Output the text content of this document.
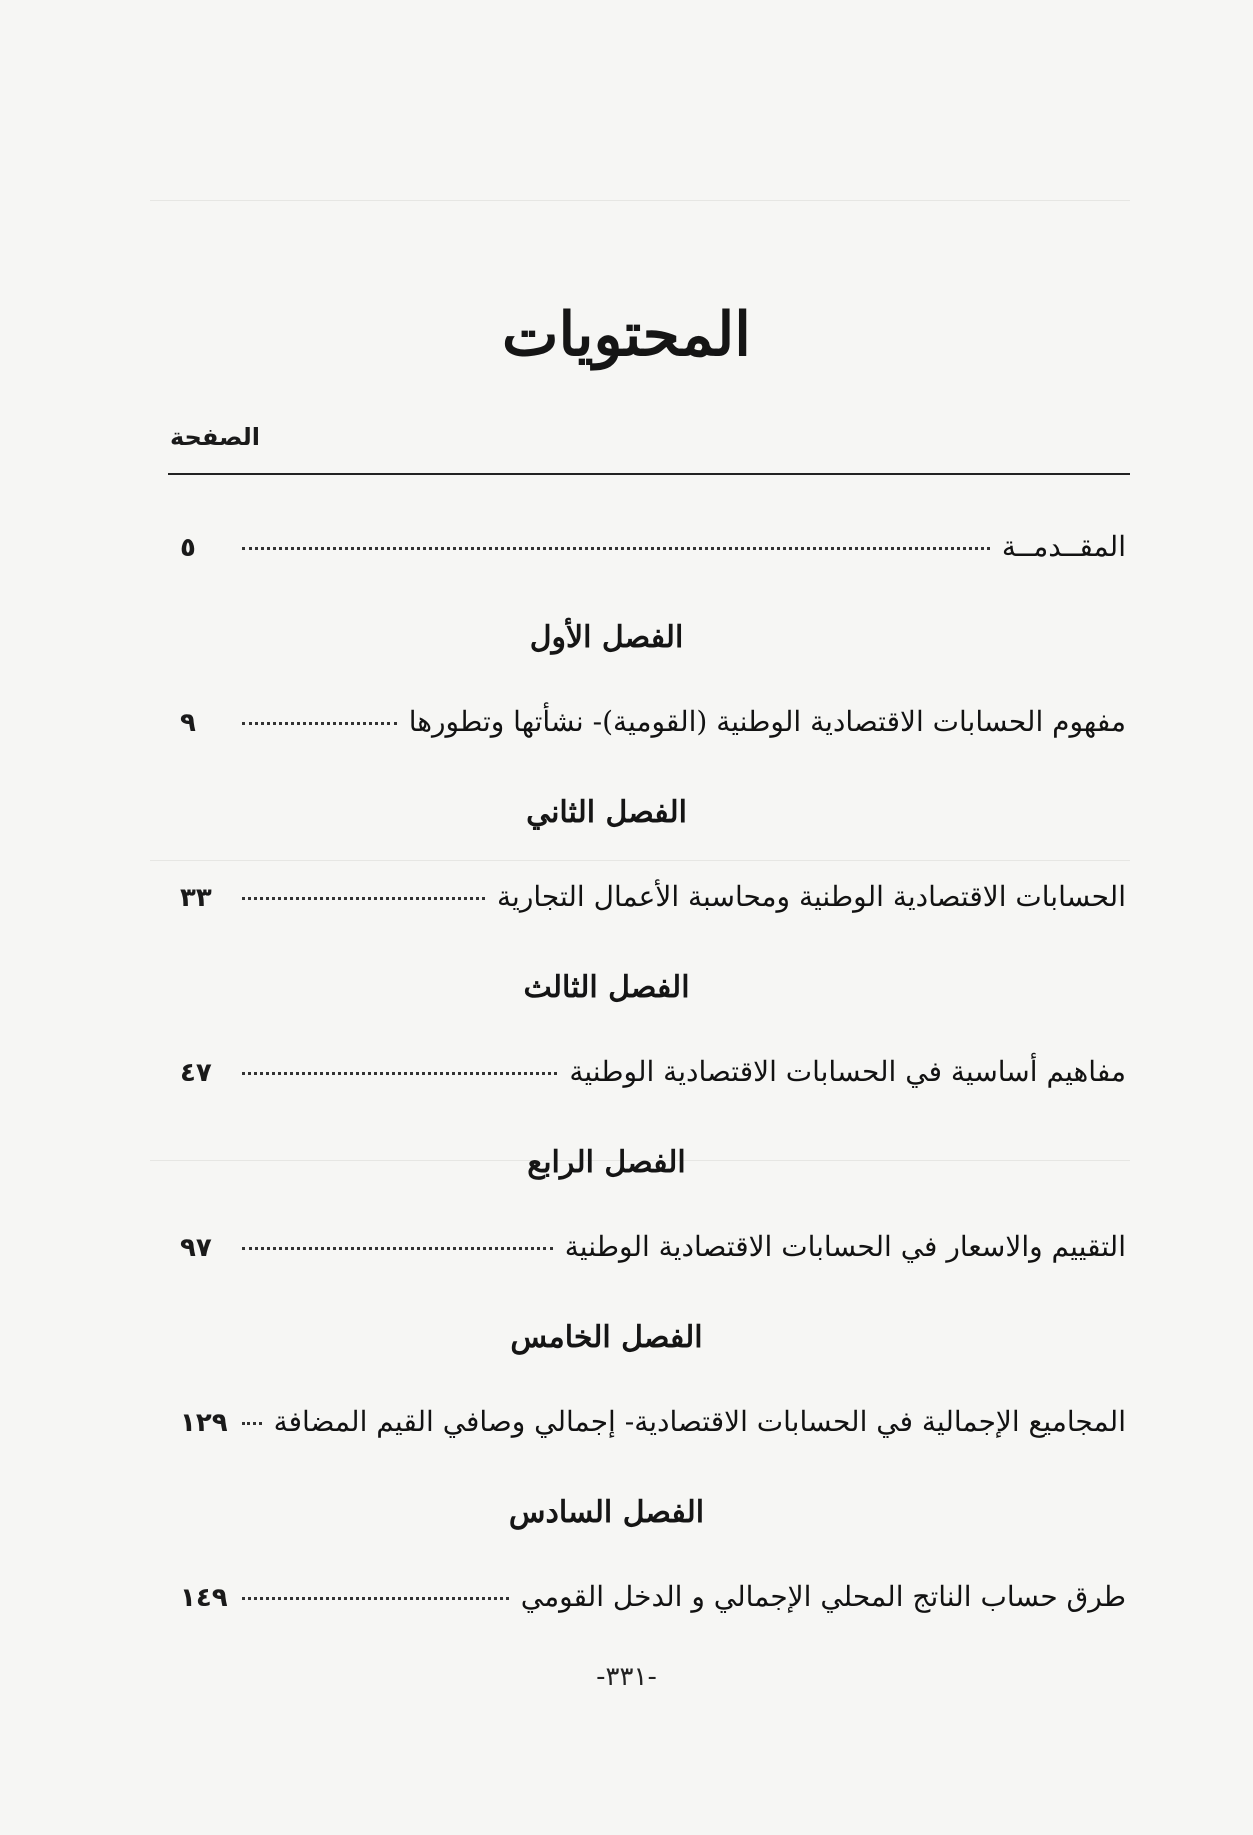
المحتويات
الصفحة
المقــدمــة
٥
الفصل الأول
مفهوم الحسابات الاقتصادية الوطنية (القومية)- نشأتها وتطورها
٩
الفصل الثاني
الحسابات الاقتصادية الوطنية ومحاسبة الأعمال التجارية
٣٣
الفصل الثالث
مفاهيم أساسية في الحسابات الاقتصادية الوطنية
٤٧
الفصل الرابع
التقييم والاسعار في الحسابات الاقتصادية الوطنية
٩٧
الفصل الخامس
المجاميع الإجمالية في الحسابات الاقتصادية- إجمالي وصافي القيم المضافة
١٢٩
الفصل السادس
طرق حساب الناتج المحلي الإجمالي و الدخل القومي
١٤٩
-٣٣١-
